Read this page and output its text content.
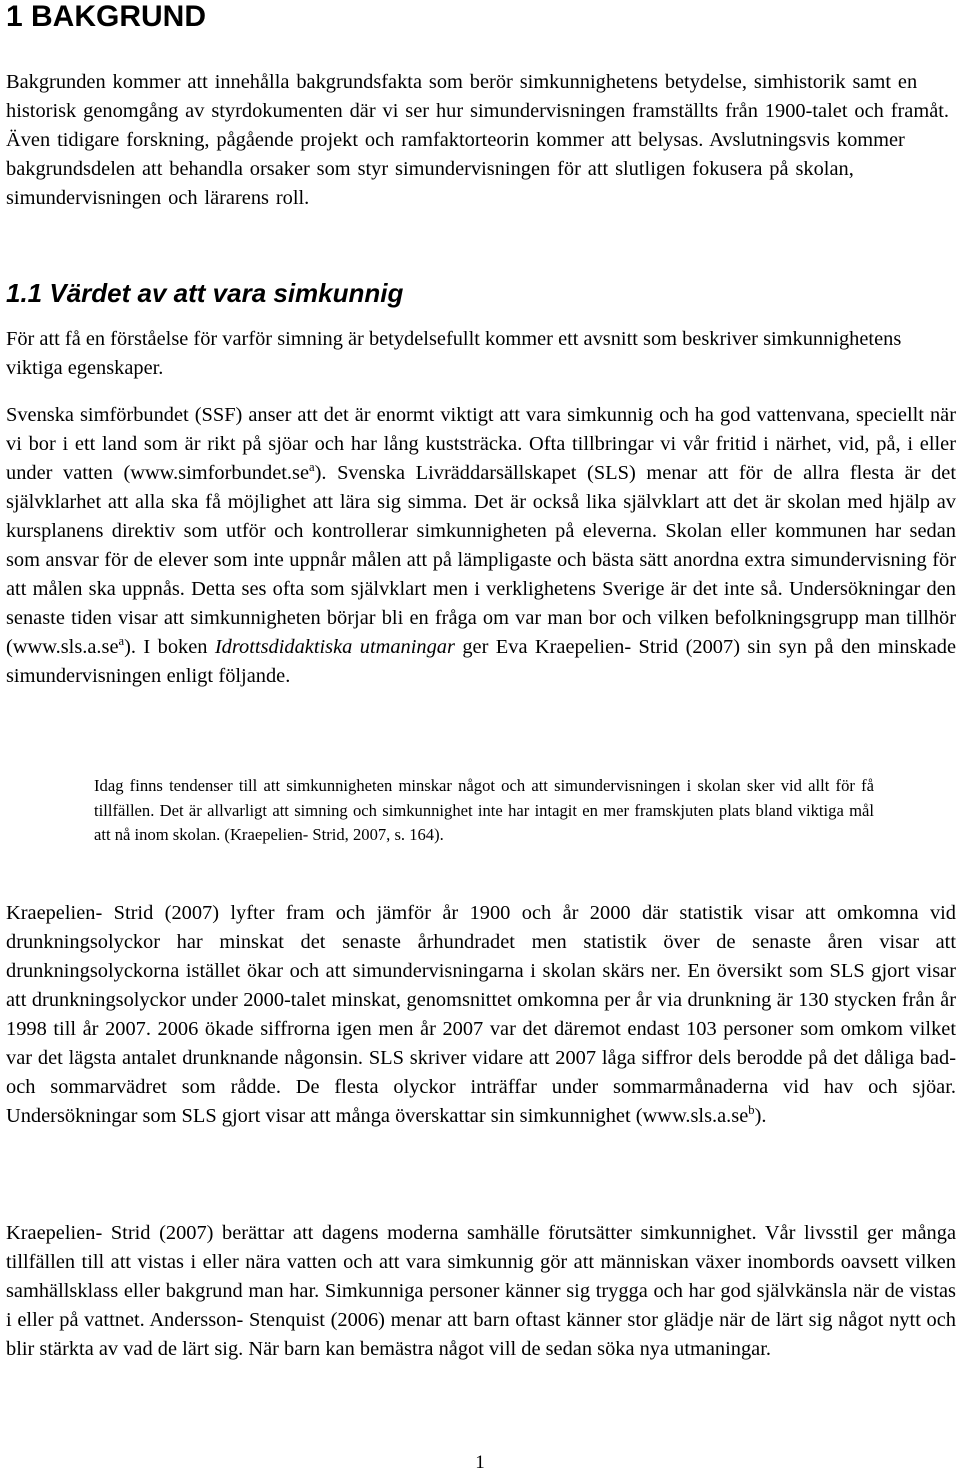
1 BAKGRUND

Bakgrunden kommer att innehålla bakgrundsfakta som berör simkunnighetens betydelse, simhistorik samt en historisk genomgång av styrdokumenten där vi ser hur simundervisningen framställts från 1900-talet och framåt. Även tidigare forskning, pågående projekt och ramfaktorteorin kommer att belysas. Avslutningsvis kommer bakgrundsdelen att behandla orsaker som styr simundervisningen för att slutligen fokusera på skolan, simundervisningen och lärarens roll.

1.1 Värdet av att vara simkunnig

För att få en förståelse för varför simning är betydelsefullt kommer ett avsnitt som beskriver simkunnighetens viktiga egenskaper.

Svenska simförbundet (SSF) anser att det är enormt viktigt att vara simkunnig och ha god vattenvana, speciellt när vi bor i ett land som är rikt på sjöar och har lång kuststräcka. Ofta tillbringar vi vår fritid i närhet, vid, på, i eller under vatten $(www.simforbundet.se^a)$. Svenska Livräddarsällskapet (SLS) menar att för de allra flesta är det självklarhet att alla ska få möjlighet att lära sig simma. Det är också lika självklart att det är skolan med hjälp av kursplanens direktiv som utför och kontrollerar simkunnigheten på eleverna. Skolan eller kommunen har sedan som ansvar för de elever som inte uppnår målen att på lämpligaste och bästa sätt anordna extra simundervisning för att målen ska uppnås. Detta ses ofta som självklart men i verklighetens Sverige är det inte så. Undersökningar den senaste tiden visar att simkunnigheten börjar bli en fråga om var man bor och vilken befolkningsgrupp man tillhör $(www.sls.a.se^a)$. I boken Idrottsdidaktiska utmaningar ger Eva Kraepelien- Strid (2007) sin syn på den minskade simundervisningen enligt följande.

Idag finns tendenser till att simkunnigheten minskar något och att simundervisningen i skolan sker vid allt för få tillfällen. Det är allvarligt att simning och simkunnighet inte har intagit en mer framskjuten plats bland viktiga mål att nå inom skolan. (Kraepelien- Strid, 2007, s. 164).

Kraepelien- Strid (2007) lyfter fram och jämför år 1900 och år 2000 där statistik visar att omkomna vid drunkningsolyckor har minskat det senaste århundradet men statistik över de senaste åren visar att drunkningsolyckorna istället ökar och att simundervisningarna i skolan skärs ner. En översikt som SLS gjort visar att drunkningsolyckor under 2000-talet minskat, genomsnittet omkomna per år via drunkning är 130 stycken från år 1998 till år 2007. 2006 ökade siffrorna igen men år 2007 var det däremot endast 103 personer som omkom vilket var det lägsta antalet drunknande någonsin. SLS skriver vidare att 2007 låga siffror dels berodde på det dåliga bad- och sommarvädret som rådde. De flesta olyckor inträffar under sommarmånaderna vid hav och sjöar. Undersökningar som SLS gjort visar att många överskattar sin simkunnighet $(www.sls.a.se^b)$.

Kraepelien- Strid (2007) berättar att dagens moderna samhälle förutsätter simkunnighet. Vår livsstil ger många tillfällen till att vistas i eller nära vatten och att vara simkunnig gör att människan växer inombords oavsett vilken samhällsklass eller bakgrund man har. Simkunniga personer känner sig trygga och har god självkänsla när de vistas i eller på vattnet. Andersson- Stenquist (2006) menar att barn oftast känner stor glädje när de lärt sig något nytt och blir stärkta av vad de lärt sig. När barn kan bemästra något vill de sedan söka nya utmaningar.

1
